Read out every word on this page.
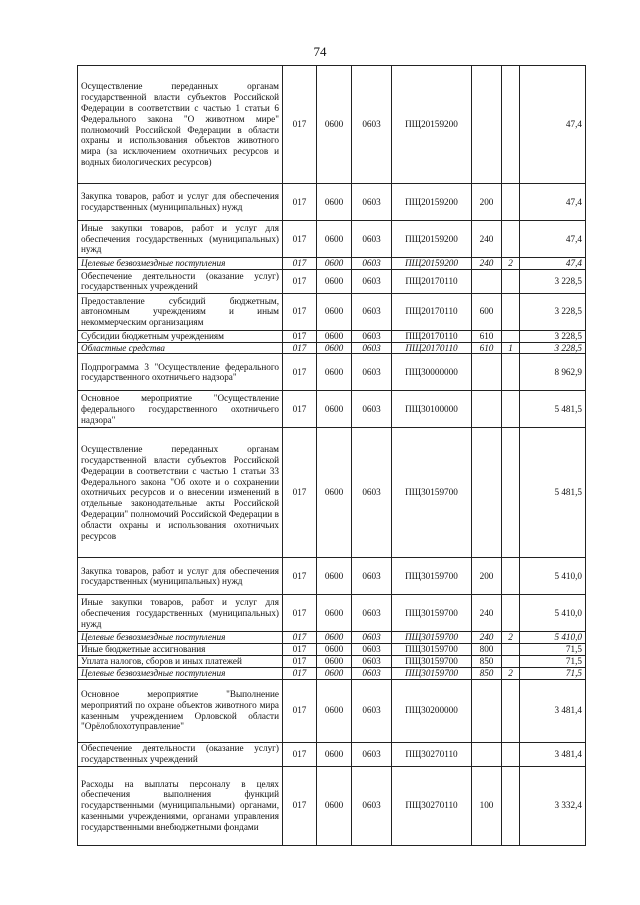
74
Осуществление переданных органам государственной власти субъектов Российской Федерации в соответствии с частью 1 статьи 6 Федерального закона "О животном мире" полномочий Российской Федерации в области охраны и использования объектов животного мира (за исключением охотничьих ресурсов и водных биологических ресурсов)	017	0600	0603	ПЩ20159200			47,4
Закупка товаров, работ и услуг для обеспечения государственных (муниципальных) нужд	017	0600	0603	ПЩ20159200	200		47,4
Иные закупки товаров, работ и услуг для обеспечения государственных (муниципальных) нужд	017	0600	0603	ПЩ20159200	240		47,4
Целевые безвозмездные поступления	017	0600	0603	ПЩ20159200	240	2	47,4
Обеспечение деятельности (оказание услуг) государственных учреждений	017	0600	0603	ПЩ20170110			3 228,5
Предоставление субсидий бюджетным, автономным учреждениям и иным некоммерческим организациям	017	0600	0603	ПЩ20170110	600		3 228,5
Субсидии бюджетным учреждениям	017	0600	0603	ПЩ20170110	610		3 228,5
Областные средства	017	0600	0603	ПЩ20170110	610	1	3 228,5
Подпрограмма 3 "Осуществление федерального государственного охотничьего надзора"	017	0600	0603	ПЩ30000000			8 962,9
Основное мероприятие "Осуществление федерального государственного охотничьего надзора"	017	0600	0603	ПЩ30100000			5 481,5
Осуществление переданных органам государственной власти субъектов Российской Федерации в соответствии с частью 1 статьи 33 Федерального закона "Об охоте и о сохранении охотничьих ресурсов и о внесении изменений в отдельные законодательные акты Российской Федерации" полномочий Российской Федерации в области охраны и использования охотничьих ресурсов	017	0600	0603	ПЩ30159700			5 481,5
Закупка товаров, работ и услуг для обеспечения государственных (муниципальных) нужд	017	0600	0603	ПЩ30159700	200		5 410,0
Иные закупки товаров, работ и услуг для обеспечения государственных (муниципальных) нужд	017	0600	0603	ПЩ30159700	240		5 410,0
Целевые безвозмездные поступления	017	0600	0603	ПЩ30159700	240	2	5 410,0
Иные бюджетные ассигнования	017	0600	0603	ПЩ30159700	800		71,5
Уплата налогов, сборов и иных платежей	017	0600	0603	ПЩ30159700	850		71,5
Целевые безвозмездные поступления	017	0600	0603	ПЩ30159700	850	2	71,5
Основное мероприятие "Выполнение мероприятий по охране объектов животного мира казенным учреждением Орловской области "Орёлоблохотуправление"	017	0600	0603	ПЩ30200000			3 481,4
Обеспечение деятельности (оказание услуг) государственных учреждений	017	0600	0603	ПЩ30270110			3 481,4
Расходы на выплаты персоналу в целях обеспечения выполнения функций государственными (муниципальными) органами, казенными учреждениями, органами управления государственными внебюджетными фондами	017	0600	0603	ПЩ30270110	100		3 332,4
